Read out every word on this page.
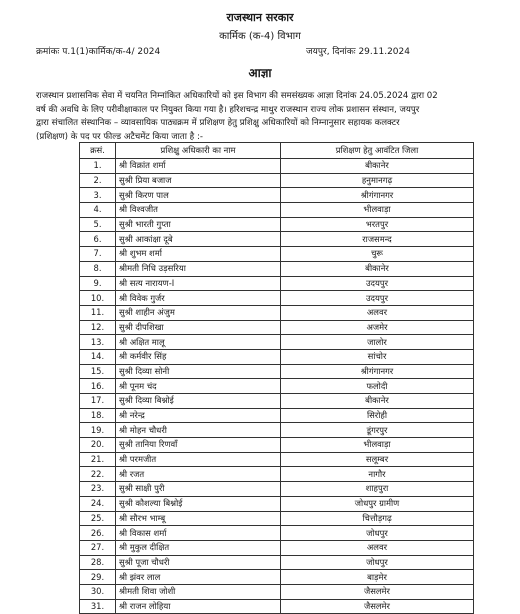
राजस्थान सरकार
कार्मिक (क-4) विभाग
क्रमांकः प.1(1)कार्मिक/क-4/ 2024	जयपुर, दिनांकः 29.11.2024
आज्ञा
राजस्थान प्रशासनिक सेवा में चयनित निम्नांकित अधिकारियों को इस विभाग की समसंख्यक आज्ञा दिनांक 24.05.2024 द्वारा 02
वर्ष की अवधि के लिए परीवीक्षाकाल पर नियुक्त किया गया है। हरिशचन्द्र माथुर राजस्थान राज्य लोक प्रशासन संस्थान, जयपुर
द्वारा संचालित संस्थानिक – व्यावसायिक पाठ्यक्रम में प्रशिक्षण हेतु प्रशिक्षु अधिकारियों को निम्नानुसार सहायक कलक्टर
(प्रशिक्षण) के पद पर फील्ड अटैचमेंट किया जाता है :-
क्रसं.	प्रशिक्षु अधिकारी का नाम	प्रशिक्षण हेतु आवंटित जिला
1.	श्री विक्रांत शर्मा	बीकानेर
2.	सुश्री प्रिया बजाज	हनुमानगढ़
3.	सुश्री किरण पाल	श्रीगंगानगर
4.	श्री विश्वजीत	भीलवाड़ा
5.	सुश्री भारती गुप्ता	भरतपुर
6.	सुश्री आकांक्षा दूबे	राजसमन्द
7.	श्री शुभम शर्मा	चुरू
8.	श्रीमती निधि उड़सरिया	बीकानेर
9.	श्री सत्य नारायण-I	उदयपुर
10.	श्री विवेक गुर्जर	उदयपुर
11.	सुश्री शाहीन अंजुम	अलवर
12.	सुश्री दीपशिखा	अजमेर
13.	श्री अक्षित मालू	जालोर
14.	श्री कर्मवीर सिंह	सांचोर
15.	सुश्री दिव्या सोनी	श्रीगंगानगर
16.	श्री पूनम चंद	फलोदी
17.	सुश्री दिव्या बिश्नोई	बीकानेर
18.	श्री नरेन्द्र	सिरोही
19.	श्री मोहन चौधरी	डूंगरपुर
20.	सुश्री तानिया रिणवाँ	भीलवाड़ा
21.	श्री परमजीत	सलूम्बर
22.	श्री रजत	नागौर
23.	सुश्री साक्षी पुरी	शाहपुरा
24.	सुश्री कौशल्या बिश्नोई	जोधपुर ग्रामीण
25.	श्री सौरभ भाम्बू	चित्तौड़गढ़
26.	श्री विकास शर्मा	जोधपुर
27.	श्री मुकुल दीक्षित	अलवर
28.	सुश्री पूजा चौधरी	जोधपुर
29.	श्री झंवर लाल	बाड़मेर
30.	श्रीमती शिवा जोशी	जैसलमेर
31.	श्री राजन लोहिया	जैसलमेर
